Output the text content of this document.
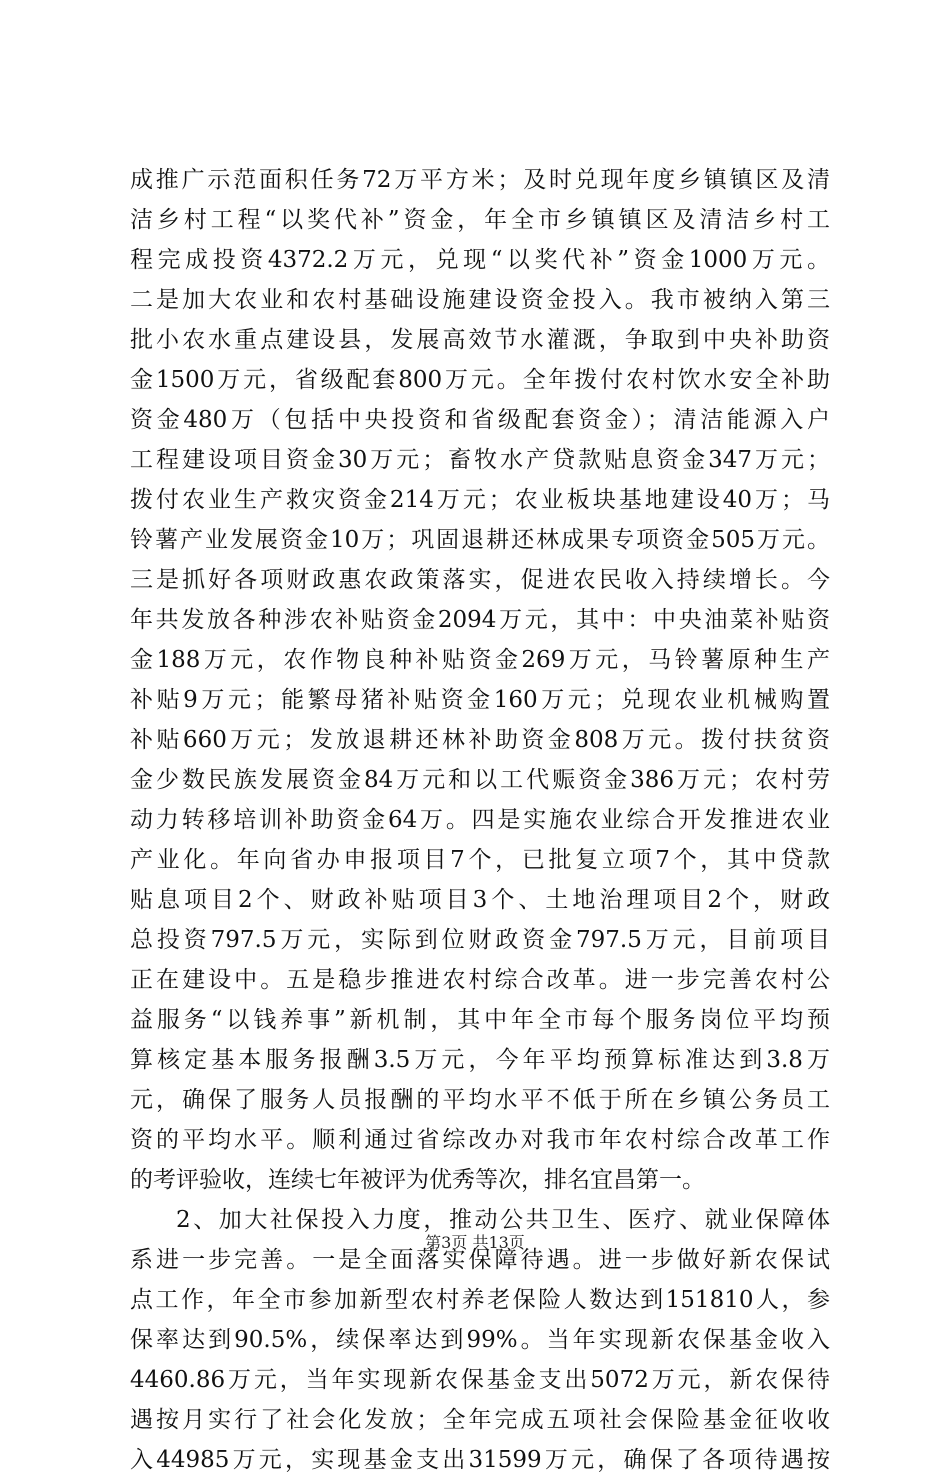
成推广示范面积任务72万平方米；及时兑现年度乡镇镇区及清
洁乡村工程“以奖代补”资金，年全市乡镇镇区及清洁乡村工
程完成投资4372.2万元，兑现“以奖代补”资金1000万元。
二是加大农业和农村基础设施建设资金投入。我市被纳入第三
批小农水重点建设县，发展高效节水灌溉，争取到中央补助资
金1500万元，省级配套800万元。全年拨付农村饮水安全补助
资金480万（包括中央投资和省级配套资金）；清洁能源入户
工程建设项目资金30万元；畜牧水产贷款贴息资金347万元；
拨付农业生产救灾资金214万元；农业板块基地建设40万；马
铃薯产业发展资金10万；巩固退耕还林成果专项资金505万元。
三是抓好各项财政惠农政策落实，促进农民收入持续增长。今
年共发放各种涉农补贴资金2094万元，其中：中央油菜补贴资
金188万元，农作物良种补贴资金269万元，马铃薯原种生产
补贴9万元；能繁母猪补贴资金160万元；兑现农业机械购置
补贴660万元；发放退耕还林补助资金808万元。拨付扶贫资
金少数民族发展资金84万元和以工代赈资金386万元；农村劳
动力转移培训补助资金64万。四是实施农业综合开发推进农业
产业化。年向省办申报项目7个，已批复立项7个，其中贷款
贴息项目2个、财政补贴项目3个、土地治理项目2个，财政
总投资797.5万元，实际到位财政资金797.5万元，目前项目
正在建设中。五是稳步推进农村综合改革。进一步完善农村公
益服务“以钱养事”新机制，其中年全市每个服务岗位平均预
算核定基本服务报酬3.5万元，今年平均预算标准达到3.8万
元，确保了服务人员报酬的平均水平不低于所在乡镇公务员工
资的平均水平。顺利通过省综改办对我市年农村综合改革工作
的考评验收，连续七年被评为优秀等次，排名宜昌第一。
2、加大社保投入力度，推动公共卫生、医疗、就业保障体
系进一步完善。一是全面落实保障待遇。进一步做好新农保试
点工作，年全市参加新型农村养老保险人数达到151810人，参
保率达到90.5%，续保率达到99%。当年实现新农保基金收入
4460.86万元，当年实现新农保基金支出5072万元，新农保待
遇按月实行了社会化发放；全年完成五项社会保险基金征收收
入44985万元，实现基金支出31599万元，确保了各项待遇按
第3页 共13页
